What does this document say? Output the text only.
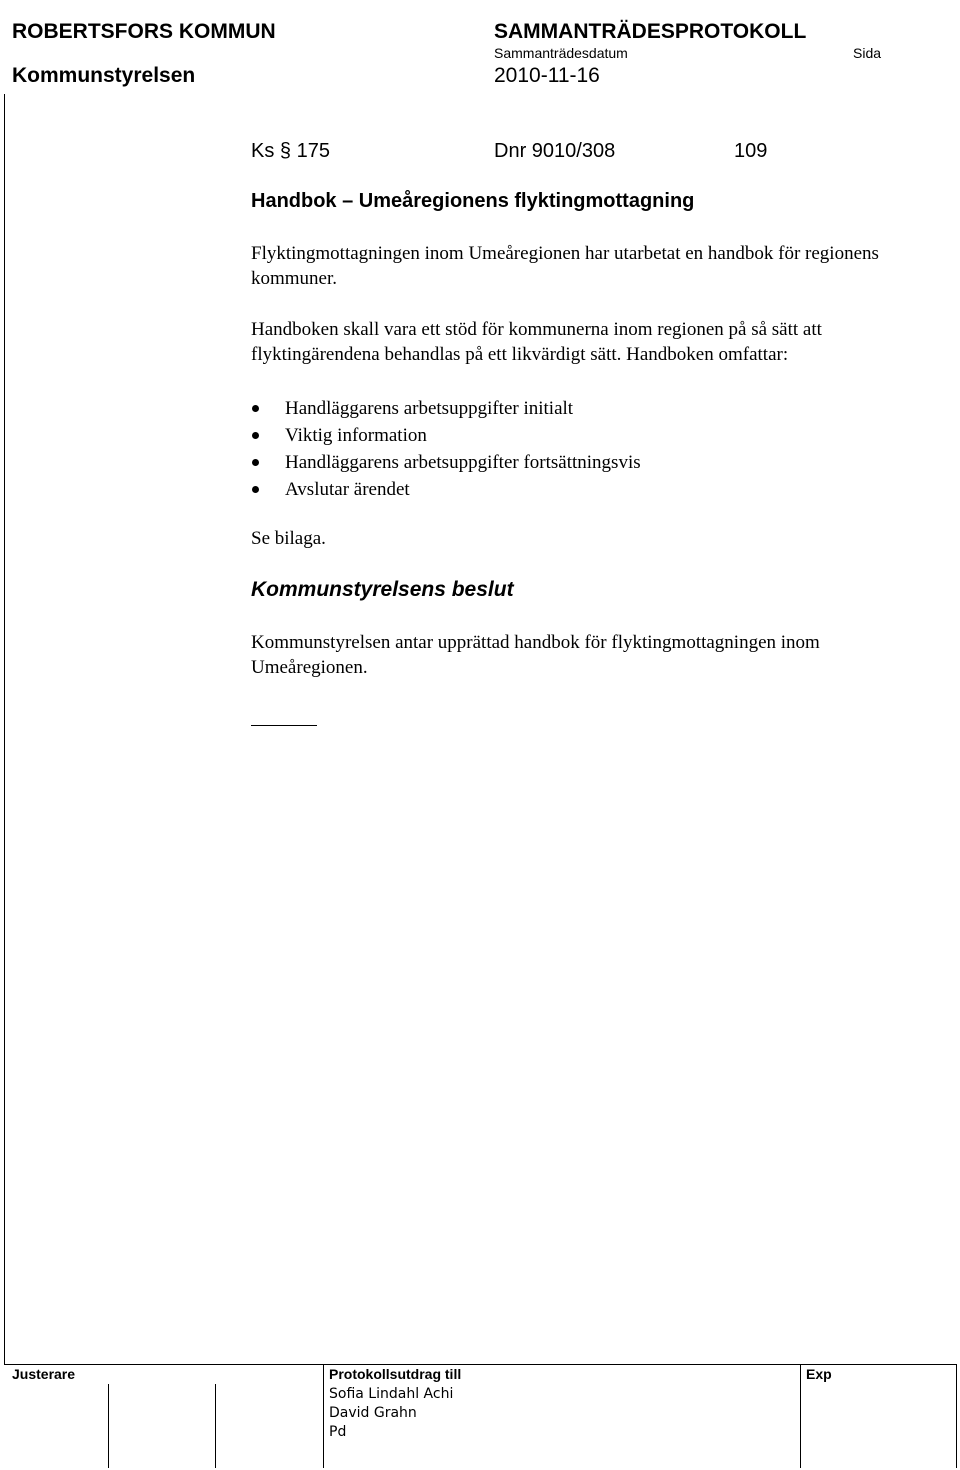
ROBERTSFORS KOMMUN	SAMMANTRÄDESPROTOKOLL
Sammanträdesdatum	Sida
Kommunstyrelsen	2010-11-16
Ks § 175	Dnr 9010/308	109
Handbok – Umeåregionens flyktingmottagning
Flyktingmottagningen inom Umeåregionen har utarbetat en handbok för regionens kommuner.
Handboken skall vara ett stöd för kommunerna inom regionen på så sätt att flyktingärendena behandlas på ett likvärdigt sätt. Handboken omfattar:
Handläggarens arbetsuppgifter initialt
Viktig information
Handläggarens arbetsuppgifter fortsättningsvis
Avslutar ärendet
Se bilaga.
Kommunstyrelsens beslut
Kommunstyrelsen antar upprättad handbok för flyktingmottagningen inom Umeåregionen.
Justerare	Protokollsutdrag till	Exp
Sofia Lindahl Achi
David Grahn
Pd
